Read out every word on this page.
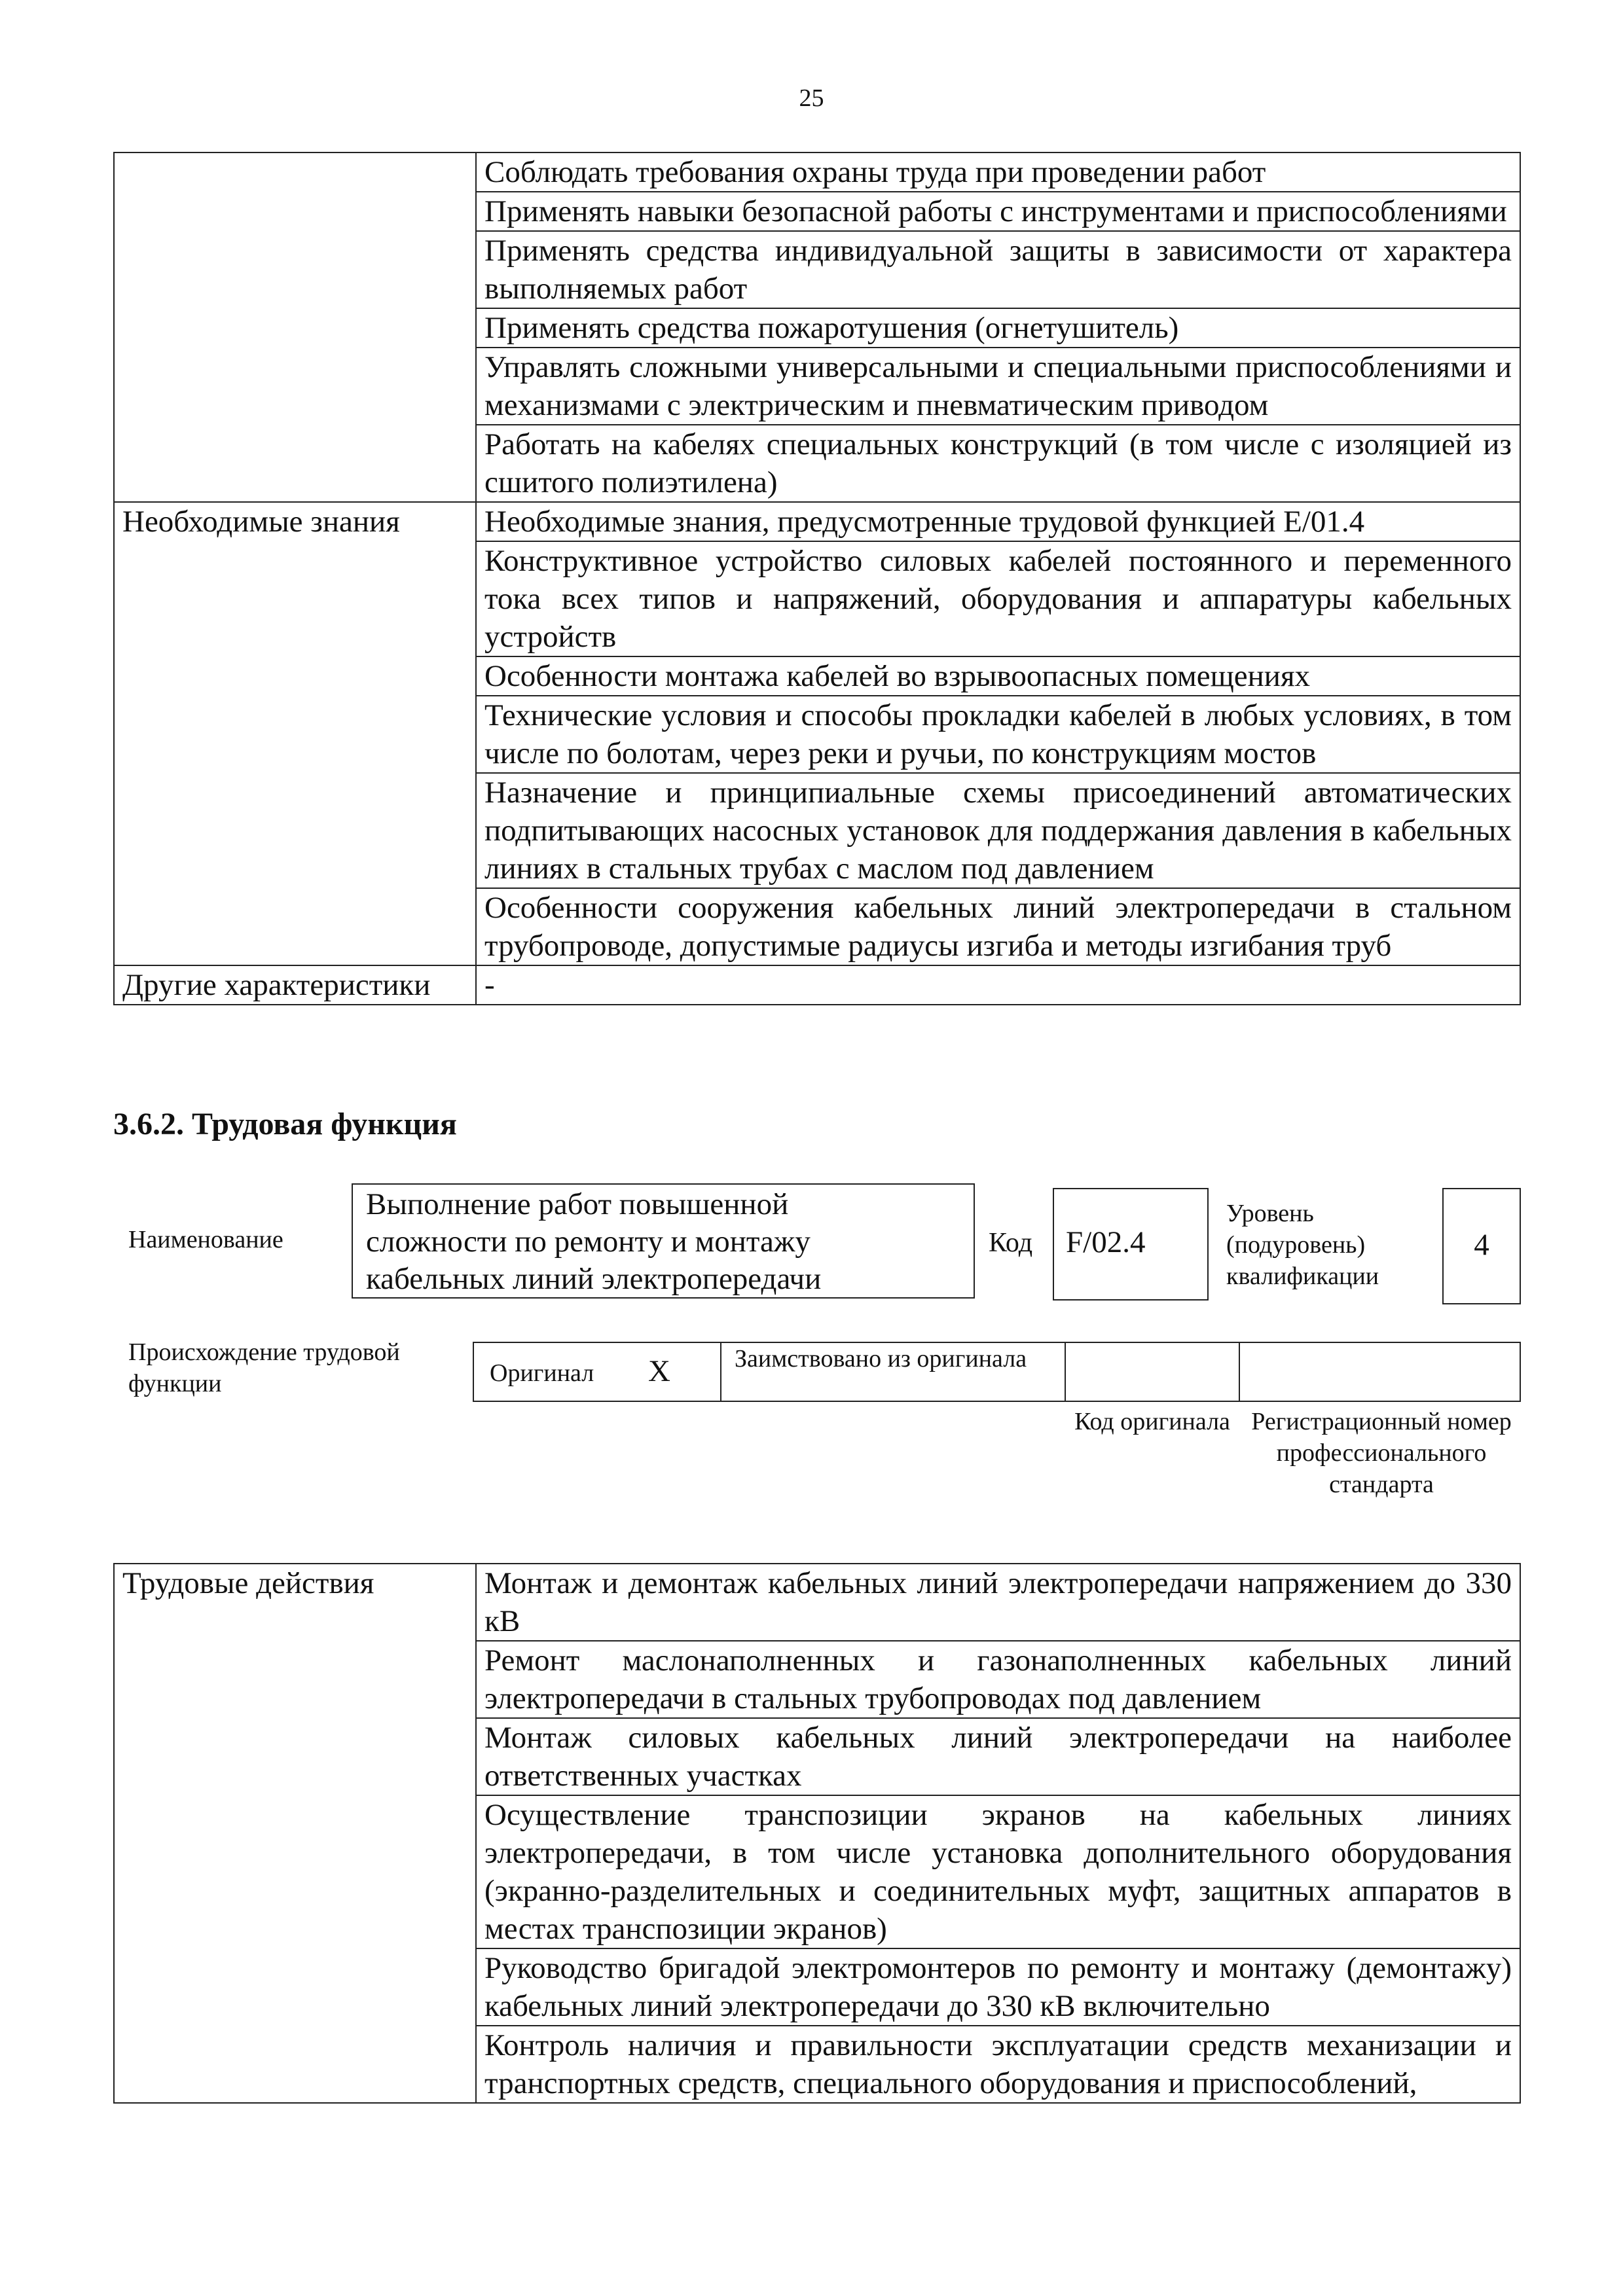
25
	Соблюдать требования охраны труда при проведении работ
	Применять навыки безопасной работы с инструментами и приспособлениями
	Применять средства индивидуальной защиты в зависимости от характера выполняемых работ
	Применять средства пожаротушения (огнетушитель)
	Управлять сложными универсальными и специальными приспособлениями и механизмами с электрическим и пневматическим приводом
	Работать на кабелях специальных конструкций (в том числе с изоляцией из сшитого полиэтилена)
Необходимые знания	Необходимые знания, предусмотренные трудовой функцией E/01.4
	Конструктивное устройство силовых кабелей постоянного и переменного тока всех типов и напряжений, оборудования и аппаратуры кабельных устройств
	Особенности монтажа кабелей во взрывоопасных помещениях
	Технические условия и способы прокладки кабелей в любых условиях, в том числе по болотам, через реки и ручьи, по конструкциям мостов
	Назначение и принципиальные схемы присоединений автоматических подпитывающих насосных установок для поддержания давления в кабельных линиях в стальных трубах с маслом под давлением
	Особенности сооружения кабельных линий электропередачи в стальном трубопроводе, допустимые радиусы изгиба и методы изгибания труб
Другие характеристики	-
3.6.2. Трудовая функция
Наименование
Выполнение работ повышенной сложности по ремонту и монтажу кабельных линий электропередачи
Код F/02.4
Уровень (подуровень) квалификации
4
Происхождение трудовой функции	Оригинал X	Заимствовано из оригинала
Код оригинала Регистрационный номер профессионального стандарта
Трудовые действия	Монтаж и демонтаж кабельных линий электропередачи напряжением до 330 кВ
Ремонт маслонаполненных и газонаполненных кабельных линий электропередачи в стальных трубопроводах под давлением
Монтаж силовых кабельных линий электропередачи на наиболее ответственных участках
Осуществление транспозиции экранов на кабельных линиях электропередачи, в том числе установка дополнительного оборудования (экранно-разделительных и соединительных муфт, защитных аппаратов в местах транспозиции экранов)
Руководство бригадой электромонтеров по ремонту и монтажу (демонтажу) кабельных линий электропередачи до 330 кВ включительно
Контроль наличия и правильности эксплуатации средств механизации и транспортных средств, специального оборудования и приспособлений,
